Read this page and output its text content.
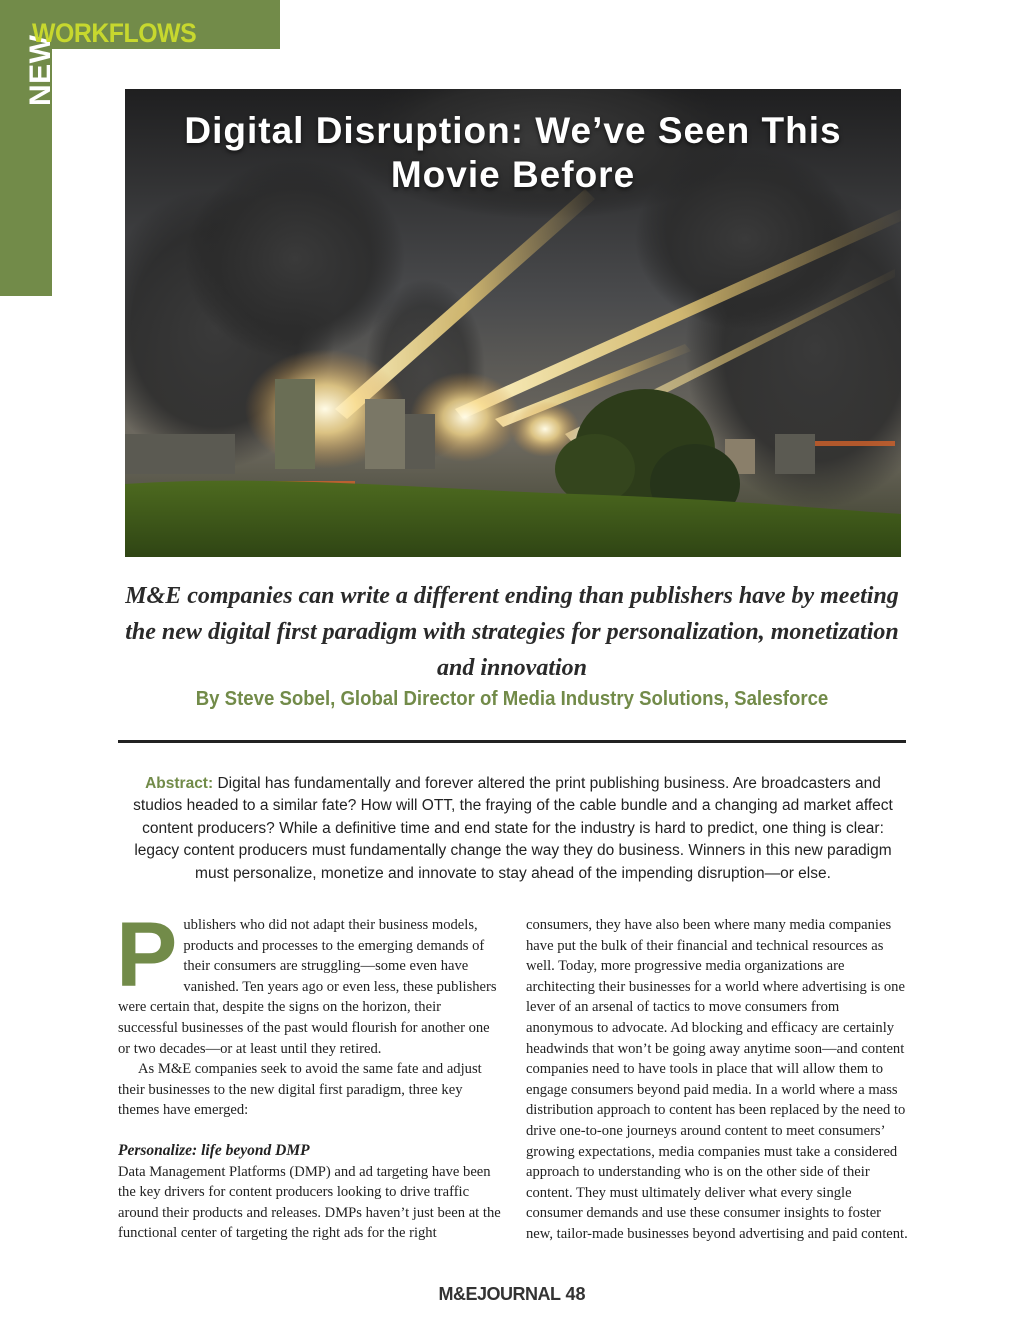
NEW
WORKFLOWS
Digital Disruption: We’ve Seen This Movie Before
M&E companies can write a different ending than publishers have by meeting the new digital first paradigm with strategies for personalization, monetization and innovation
By Steve Sobel, Global Director of Media Industry Solutions, Salesforce
Abstract: Digital has fundamentally and forever altered the print publishing business. Are broadcasters and studios headed to a similar fate? How will OTT, the fraying of the cable bundle and a changing ad market affect content producers? While a definitive time and end state for the industry is hard to predict, one thing is clear: legacy content producers must fundamentally change the way they do business. Winners in this new paradigm must personalize, monetize and innovate to stay ahead of the impending disruption—or else.

Publishers who did not adapt their business models, products and processes to the emerging demands of their consumers are struggling—some even have vanished. Ten years ago or even less, these publishers were certain that, despite the signs on the horizon, their successful businesses of the past would flourish for another one or two decades—or at least until they retired.

As M&E companies seek to avoid the same fate and adjust their businesses to the new digital first paradigm, three key themes have emerged:

Personalize: life beyond DMP

Data Management Platforms (DMP) and ad targeting have been the key drivers for content producers looking to drive traffic around their products and releases. DMPs haven’t just been at the functional center of targeting the right ads for the right

consumers, they have also been where many media companies have put the bulk of their financial and technical resources as well. Today, more progressive media organizations are architecting their businesses for a world where advertising is one lever of an arsenal of tactics to move consumers from anonymous to advocate. Ad blocking and efficacy are certainly headwinds that won’t be going away anytime soon—and content companies need to have tools in place that will allow them to engage consumers beyond paid media. In a world where a mass distribution approach to content has been replaced by the need to drive one-to-one journeys around content to meet consumers’ growing expectations, media companies must take a considered approach to understanding who is on the other side of their content. They must ultimately deliver what every single consumer demands and use these consumer insights to foster new, tailor-made businesses beyond advertising and paid content.

M&EJOURNAL 48
